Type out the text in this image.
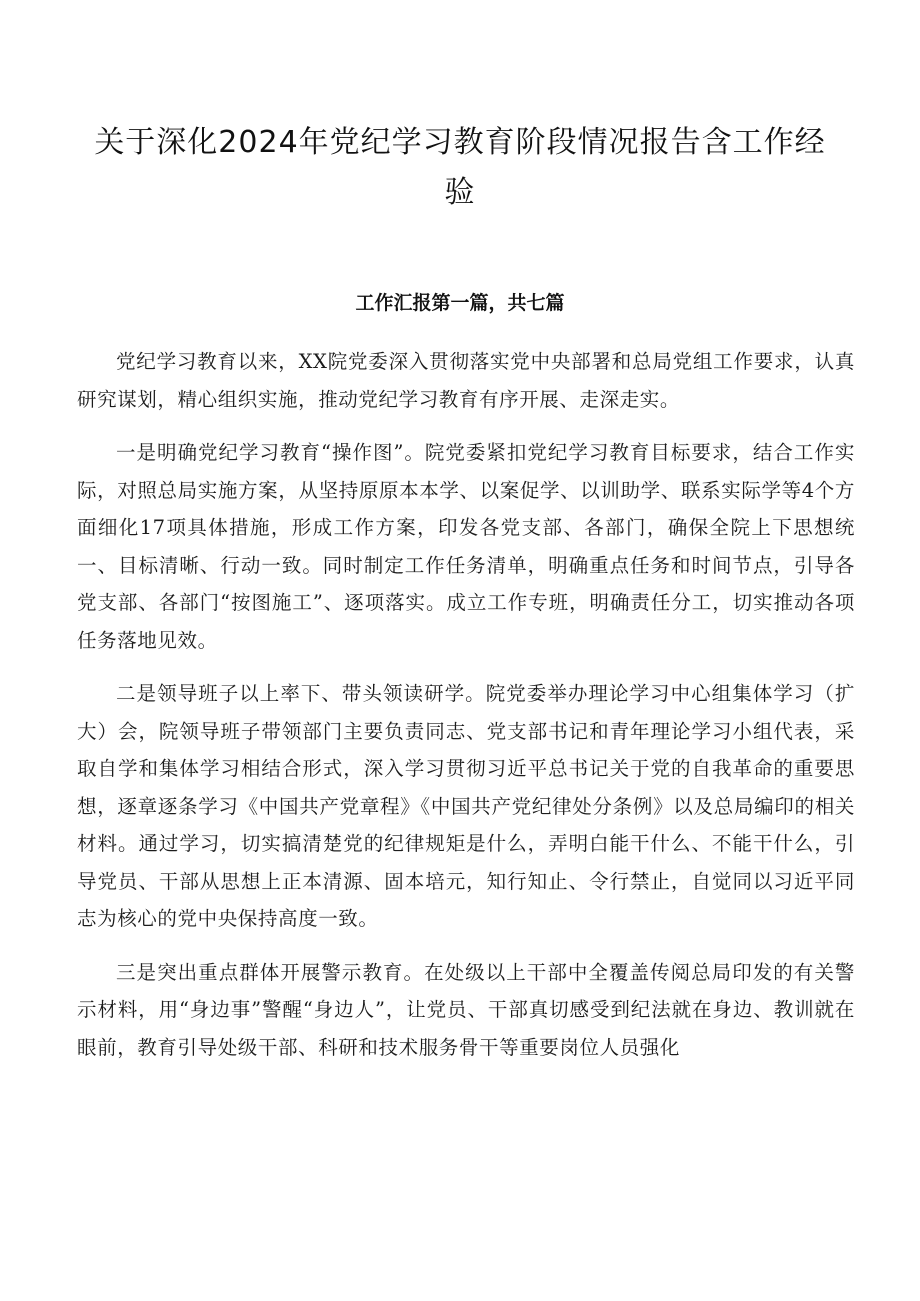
关于深化2024年党纪学习教育阶段情况报告含工作经验
工作汇报第一篇，共七篇

党纪学习教育以来，XX院党委深入贯彻落实党中央部署和总局党组工作要求，认真研究谋划，精心组织实施，推动党纪学习教育有序开展、走深走实。

一是明确党纪学习教育“操作图”。院党委紧扣党纪学习教育目标要求，结合工作实际，对照总局实施方案，从坚持原原本本学、以案促学、以训助学、联系实际学等4个方面细化17项具体措施，形成工作方案，印发各党支部、各部门，确保全院上下思想统一、目标清晰、行动一致。同时制定工作任务清单，明确重点任务和时间节点，引导各党支部、各部门“按图施工”、逐项落实。成立工作专班，明确责任分工，切实推动各项任务落地见效。

二是领导班子以上率下、带头领读研学。院党委举办理论学习中心组集体学习（扩大）会，院领导班子带领部门主要负责同志、党支部书记和青年理论学习小组代表，采取自学和集体学习相结合形式，深入学习贯彻习近平总书记关于党的自我革命的重要思想，逐章逐条学习《中国共产党章程》《中国共产党纪律处分条例》以及总局编印的相关材料。通过学习，切实搞清楚党的纪律规矩是什么，弄明白能干什么、不能干什么，引导党员、干部从思想上正本清源、固本培元，知行知止、令行禁止，自觉同以习近平同志为核心的党中央保持高度一致。

三是突出重点群体开展警示教育。在处级以上干部中全覆盖传阅总局印发的有关警示材料，用“身边事”警醒“身边人”，让党员、干部真切感受到纪法就在身边、教训就在眼前，教育引导处级干部、科研和技术服务骨干等重要岗位人员强化
